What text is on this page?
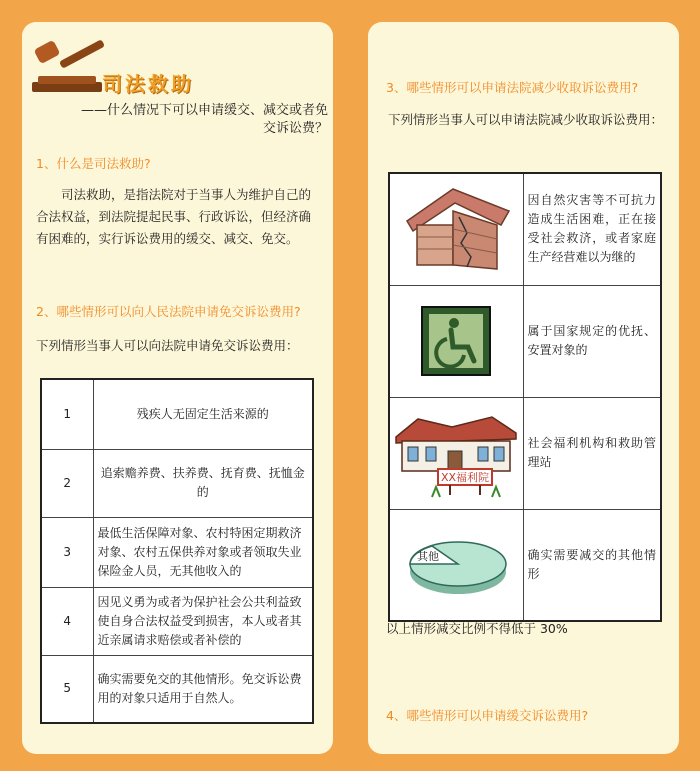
司法救助
——什么情况下可以申请缓交、减交或者免交诉讼费？
1、什么是司法救助?
司法救助，是指法院对于当事人为维护自己的合法权益，到法院提起民事、行政诉讼，但经济确有困难的，实行诉讼费用的缓交、减交、免交。
2、哪些情形可以向人民法院申请免交诉讼费用?
下列情形当事人可以向法院申请免交诉讼费用：
1	残疾人无固定生活来源的
2	追索赡养费、扶养费、抚育费、抚恤金的
3	最低生活保障对象、农村特困定期救济对象、农村五保供养对象或者领取失业保险金人员，无其他收入的
4	因见义勇为或者为保护社会公共利益致使自身合法权益受到损害，本人或者其近亲属请求赔偿或者补偿的
5	确实需要免交的其他情形。免交诉讼费用的对象只适用于自然人。
3、哪些情形可以申请法院减少收取诉讼费用?
下列情形当事人可以申请法院减少收取诉讼费用：
	因自然灾害等不可抗力造成生活困难，正在接受社会救济，或者家庭生产经营难以为继的

	属于国家规定的优抚、安置对象的

XX福利院	社会福利机构和救助管理站

其他	确实需要减交的其他情形
以上情形减交比例不得低于 30%
4、哪些情形可以申请缓交诉讼费用?
